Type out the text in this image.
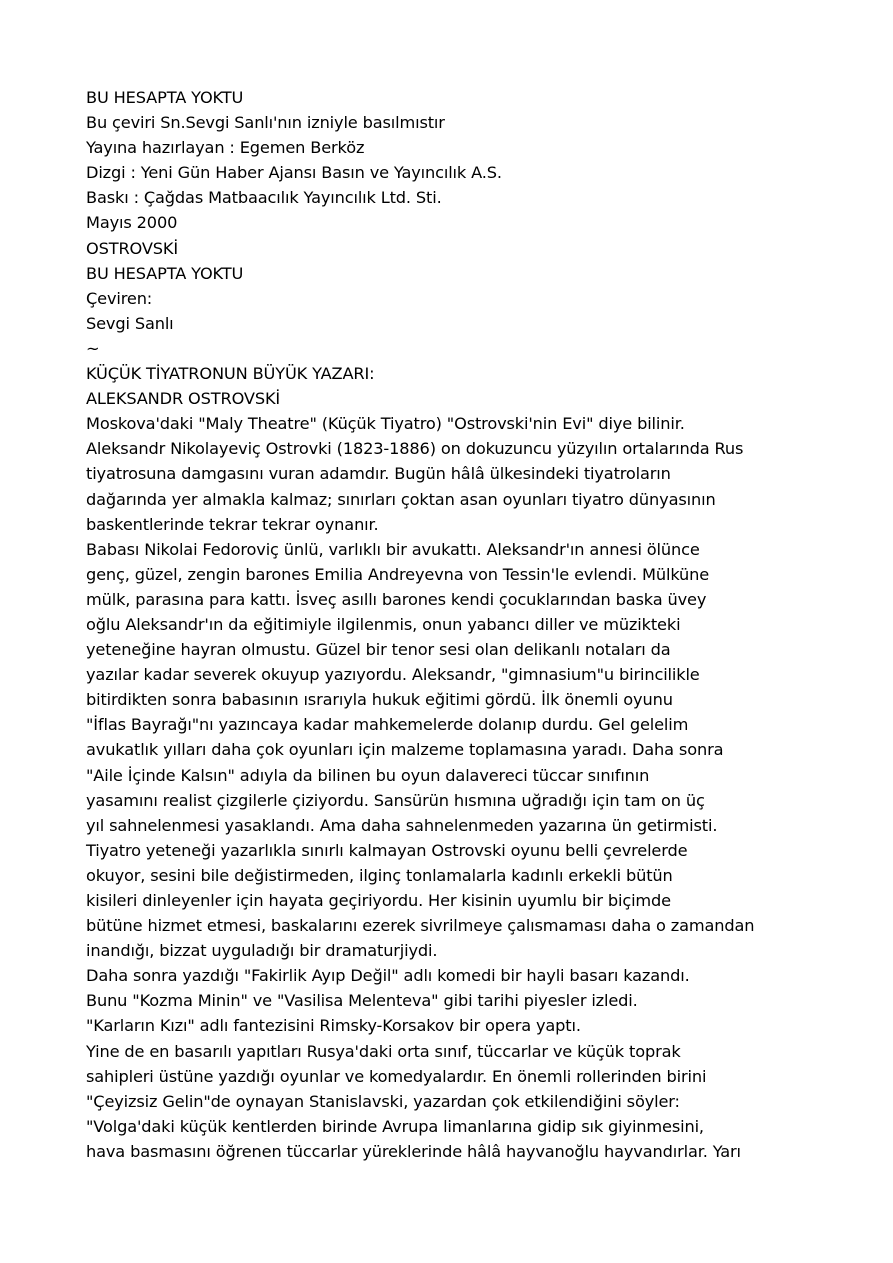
BU HESAPTA YOKTU
Bu çeviri Sn.Sevgi Sanlı'nın izniyle basılmıstır
Yayına hazırlayan : Egemen Berköz
Dizgi : Yeni Gün Haber Ajansı Basın ve Yayıncılık A.S.
Baskı : Çağdas Matbaacılık Yayıncılık Ltd. Sti.
Mayıs 2000
OSTROVSKİ
BU HESAPTA YOKTU
Çeviren:
Sevgi Sanlı
~
KÜÇÜK TİYATRONUN BÜYÜK YAZARI:
ALEKSANDR OSTROVSKİ
Moskova'daki "Maly Theatre" (Küçük Tiyatro) "Ostrovski'nin Evi" diye bilinir.
Aleksandr Nikolayeviç Ostrovki (1823-1886) on dokuzuncu yüzyılın ortalarında Rus
tiyatrosuna damgasını vuran adamdır. Bugün hâlâ ülkesindeki tiyatroların
dağarında yer almakla kalmaz; sınırları çoktan asan oyunları tiyatro dünyasının
baskentlerinde tekrar tekrar oynanır.
Babası Nikolai Fedoroviç ünlü, varlıklı bir avukattı. Aleksandr'ın annesi ölünce
genç, güzel, zengin barones Emilia Andreyevna von Tessin'le evlendi. Mülküne
mülk, parasına para kattı. İsveç asıllı barones kendi çocuklarından baska üvey
oğlu Aleksandr'ın da eğitimiyle ilgilenmis, onun yabancı diller ve müzikteki
yeteneğine hayran olmustu. Güzel bir tenor sesi olan delikanlı notaları da
yazılar kadar severek okuyup yazıyordu. Aleksandr, "gimnasium"u birincilikle
bitirdikten sonra babasının ısrarıyla hukuk eğitimi gördü. İlk önemli oyunu
"İflas Bayrağı"nı yazıncaya kadar mahkemelerde dolanıp durdu. Gel gelelim
avukatlık yılları daha çok oyunları için malzeme toplamasına yaradı. Daha sonra
"Aile İçinde Kalsın" adıyla da bilinen bu oyun dalavereci tüccar sınıfının
yasamını realist çizgilerle çiziyordu. Sansürün hısmına uğradığı için tam on üç
yıl sahnelenmesi yasaklandı. Ama daha sahnelenmeden yazarına ün getirmisti.
Tiyatro yeteneği yazarlıkla sınırlı kalmayan Ostrovski oyunu belli çevrelerde
okuyor, sesini bile değistirmeden, ilginç tonlamalarla kadınlı erkekli bütün
kisileri dinleyenler için hayata geçiriyordu. Her kisinin uyumlu bir biçimde
bütüne hizmet etmesi, baskalarını ezerek sivrilmeye çalısmaması daha o zamandan
inandığı, bizzat uyguladığı bir dramaturjiydi.
Daha sonra yazdığı "Fakirlik Ayıp Değil" adlı komedi bir hayli basarı kazandı.
Bunu "Kozma Minin" ve "Vasilisa Melenteva" gibi tarihi piyesler izledi.
"Karların Kızı" adlı fantezisini Rimsky-Korsakov bir opera yaptı.
Yine de en basarılı yapıtları Rusya'daki orta sınıf, tüccarlar ve küçük toprak
sahipleri üstüne yazdığı oyunlar ve komedyalardır. En önemli rollerinden birini
"Çeyizsiz Gelin"de oynayan Stanislavski, yazardan çok etkilendiğini söyler:
"Volga'daki küçük kentlerden birinde Avrupa limanlarına gidip sık giyinmesini,
hava basmasını öğrenen tüccarlar yüreklerinde hâlâ hayvanoğlu hayvandırlar. Yarı
